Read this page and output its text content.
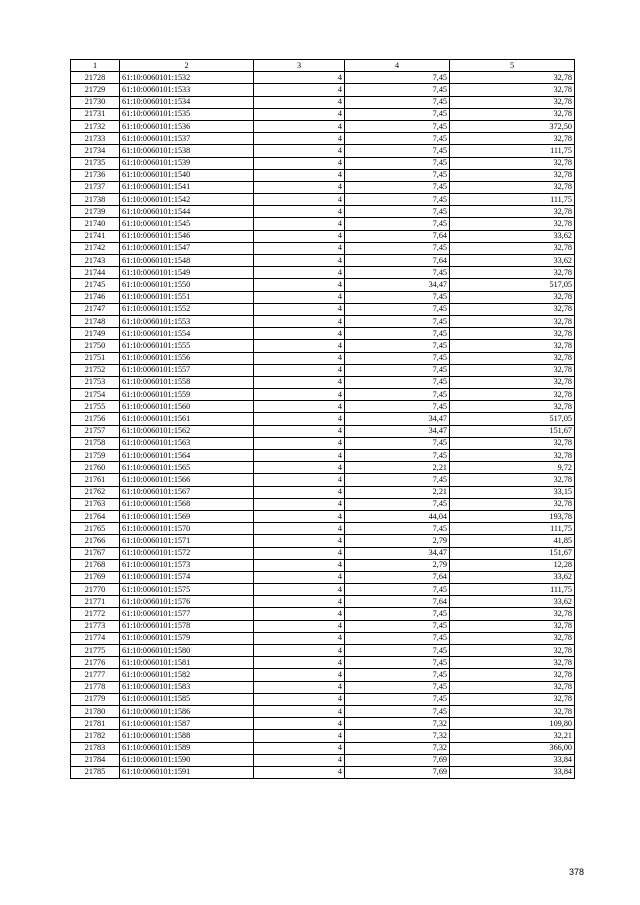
1	2	3	4	5
21728	61:10:0060101:1532	4	7,45	32,78
21729	61:10:0060101:1533	4	7,45	32,78
21730	61:10:0060101:1534	4	7,45	32,78
21731	61:10:0060101:1535	4	7,45	32,78
21732	61:10:0060101:1536	4	7,45	372,50
21733	61:10:0060101:1537	4	7,45	32,78
21734	61:10:0060101:1538	4	7,45	111,75
21735	61:10:0060101:1539	4	7,45	32,78
21736	61:10:0060101:1540	4	7,45	32,78
21737	61:10:0060101:1541	4	7,45	32,78
21738	61:10:0060101:1542	4	7,45	111,75
21739	61:10:0060101:1544	4	7,45	32,78
21740	61:10:0060101:1545	4	7,45	32,78
21741	61:10:0060101:1546	4	7,64	33,62
21742	61:10:0060101:1547	4	7,45	32,78
21743	61:10:0060101:1548	4	7,64	33,62
21744	61:10:0060101:1549	4	7,45	32,78
21745	61:10:0060101:1550	4	34,47	517,05
21746	61:10:0060101:1551	4	7,45	32,78
21747	61:10:0060101:1552	4	7,45	32,78
21748	61:10:0060101:1553	4	7,45	32,78
21749	61:10:0060101:1554	4	7,45	32,78
21750	61:10:0060101:1555	4	7,45	32,78
21751	61:10:0060101:1556	4	7,45	32,78
21752	61:10:0060101:1557	4	7,45	32,78
21753	61:10:0060101:1558	4	7,45	32,78
21754	61:10:0060101:1559	4	7,45	32,78
21755	61:10:0060101:1560	4	7,45	32,78
21756	61:10:0060101:1561	4	34,47	517,05
21757	61:10:0060101:1562	4	34,47	151,67
21758	61:10:0060101:1563	4	7,45	32,78
21759	61:10:0060101:1564	4	7,45	32,78
21760	61:10:0060101:1565	4	2,21	9,72
21761	61:10:0060101:1566	4	7,45	32,78
21762	61:10:0060101:1567	4	2,21	33,15
21763	61:10:0060101:1568	4	7,45	32,78
21764	61:10:0060101:1569	4	44,04	193,78
21765	61:10:0060101:1570	4	7,45	111,75
21766	61:10:0060101:1571	4	2,79	41,85
21767	61:10:0060101:1572	4	34,47	151,67
21768	61:10:0060101:1573	4	2,79	12,28
21769	61:10:0060101:1574	4	7,64	33,62
21770	61:10:0060101:1575	4	7,45	111,75
21771	61:10:0060101:1576	4	7,64	33,62
21772	61:10:0060101:1577	4	7,45	32,78
21773	61:10:0060101:1578	4	7,45	32,78
21774	61:10:0060101:1579	4	7,45	32,78
21775	61:10:0060101:1580	4	7,45	32,78
21776	61:10:0060101:1581	4	7,45	32,78
21777	61:10:0060101:1582	4	7,45	32,78
21778	61:10:0060101:1583	4	7,45	32,78
21779	61:10:0060101:1585	4	7,45	32,78
21780	61:10:0060101:1586	4	7,45	32,78
21781	61:10:0060101:1587	4	7,32	109,80
21782	61:10:0060101:1588	4	7,32	32,21
21783	61:10:0060101:1589	4	7,32	366,00
21784	61:10:0060101:1590	4	7,69	33,84
21785	61:10:0060101:1591	4	7,69	33,84
378
